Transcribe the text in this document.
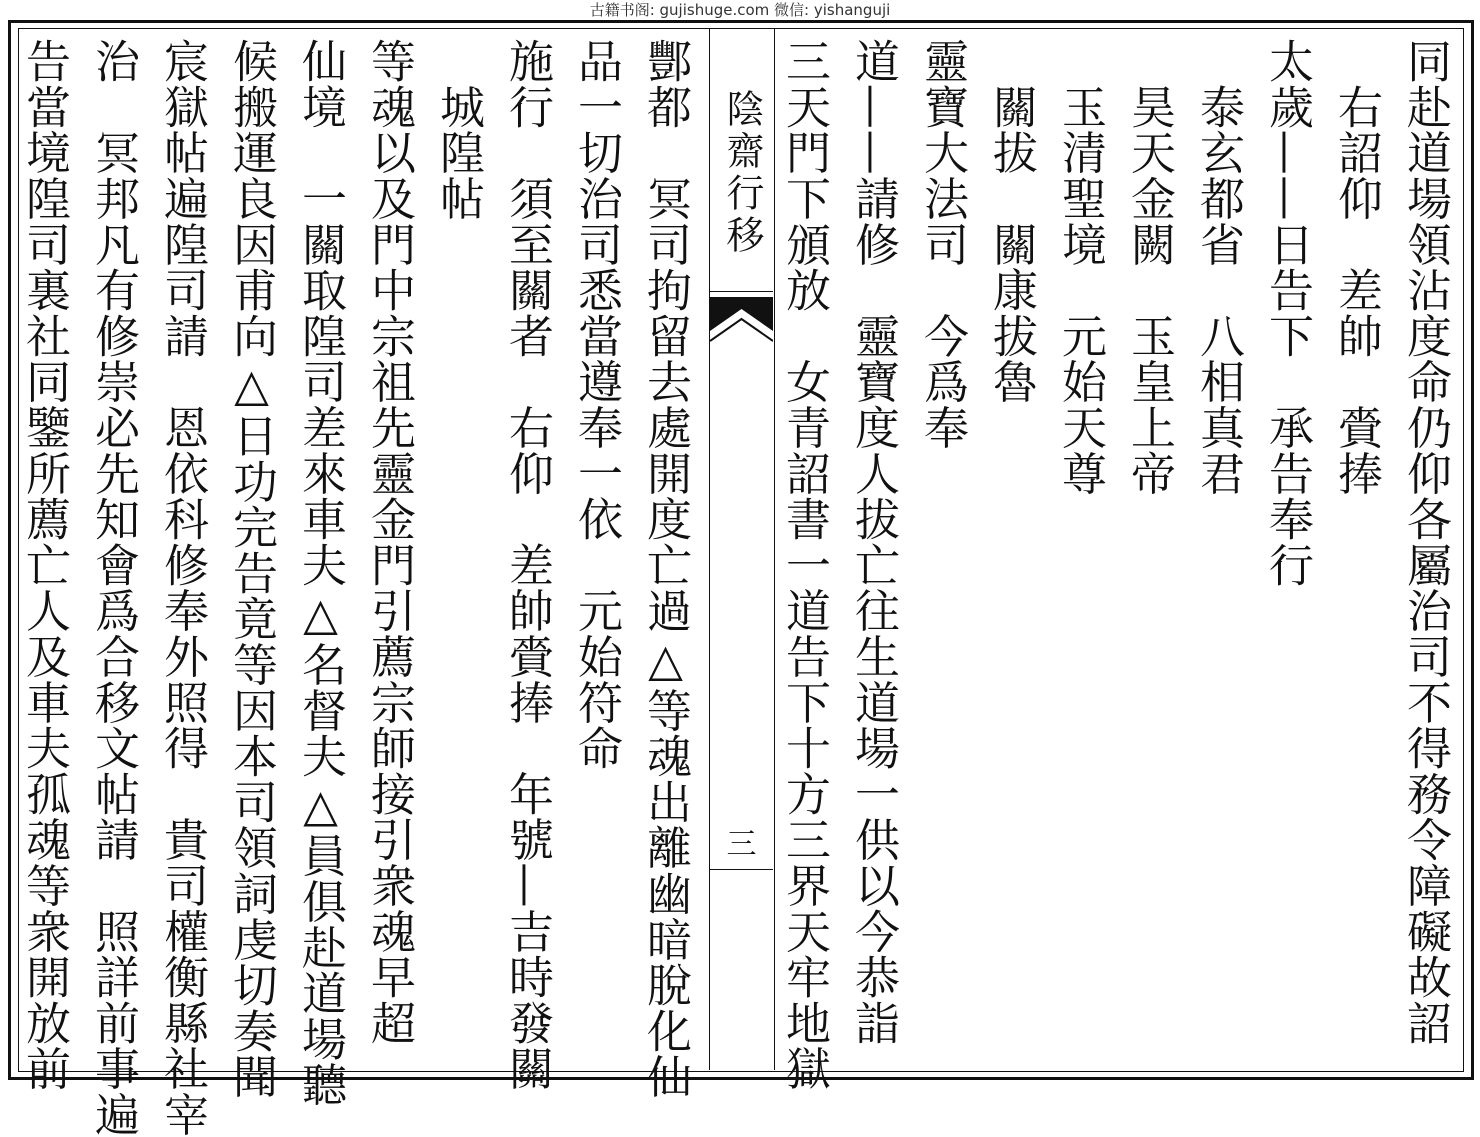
古籍书阁: gujishuge.com 微信: yishanguji
同赴道場領沾度命仍仰各屬治司不得務令障礙故詔
　右詔仰　差帥　賫捧
太歲——日告下　承告奉行
　泰玄都省　八相真君
　昊天金闕　玉皇上帝
　玉清聖境　元始天尊
　關拔　關康拔魯
靈寶大法司　今爲奉
道——請修　靈寶度人拔亡往生道場一供以今恭詣
三天門下頒放　女青詔書一道告下十方三界天牢地獄
陰齋行移
三
酆都　冥司拘留去處開度亡過△等魂出離幽暗脫化仙
品一切治司悉當遵奉一依　元始符命
施行　須至關者　右仰　差帥賫捧　年號—吉時發關
　城隍帖
等魂以及門中宗祖先靈金門引薦宗師接引衆魂早超
仙境　一關取隍司差來車夫△名督夫△員俱赴道場聽
候搬運良因甫向△日功完告竟等因本司領詞虔切奏聞
宸獄帖遍隍司請　恩依科修奉外照得　貴司權衡縣社宰
治　冥邦凡有修崇必先知會爲合移文帖請　照詳前事遍
告當境隍司裏社同鑒所薦亡人及車夫孤魂等衆開放前
